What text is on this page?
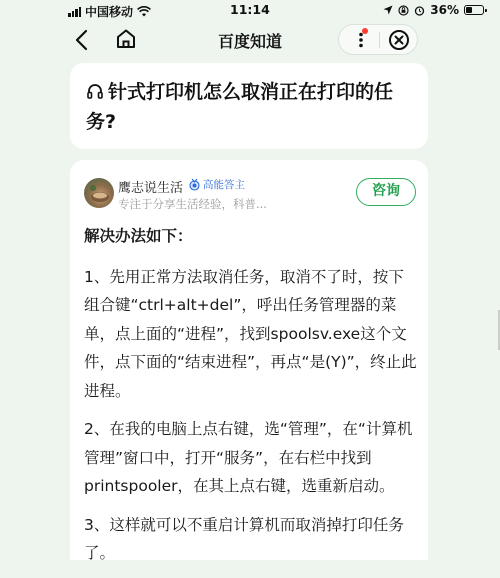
中国移动	11:14	36%
百度知道
针式打印机怎么取消正在打印的任务?
鹰志说生活 高能答主
专注于分享生活经验，科普...
咨询

解决办法如下：

1、先用正常方法取消任务，取消不了时，按下组合键“ctrl+alt+del”，呼出任务管理器的菜单，点上面的“进程”，找到spoolsv.exe这个文件，点下面的“结束进程”，再点“是(Y)”，终止此进程。

2、在我的电脑上点右键，选“管理”，在“计算机管理”窗口中，打开“服务”，在右栏中找到printspooler，在其上点右键，选重新启动。

3、这样就可以不重启计算机而取消掉打印任务了。
